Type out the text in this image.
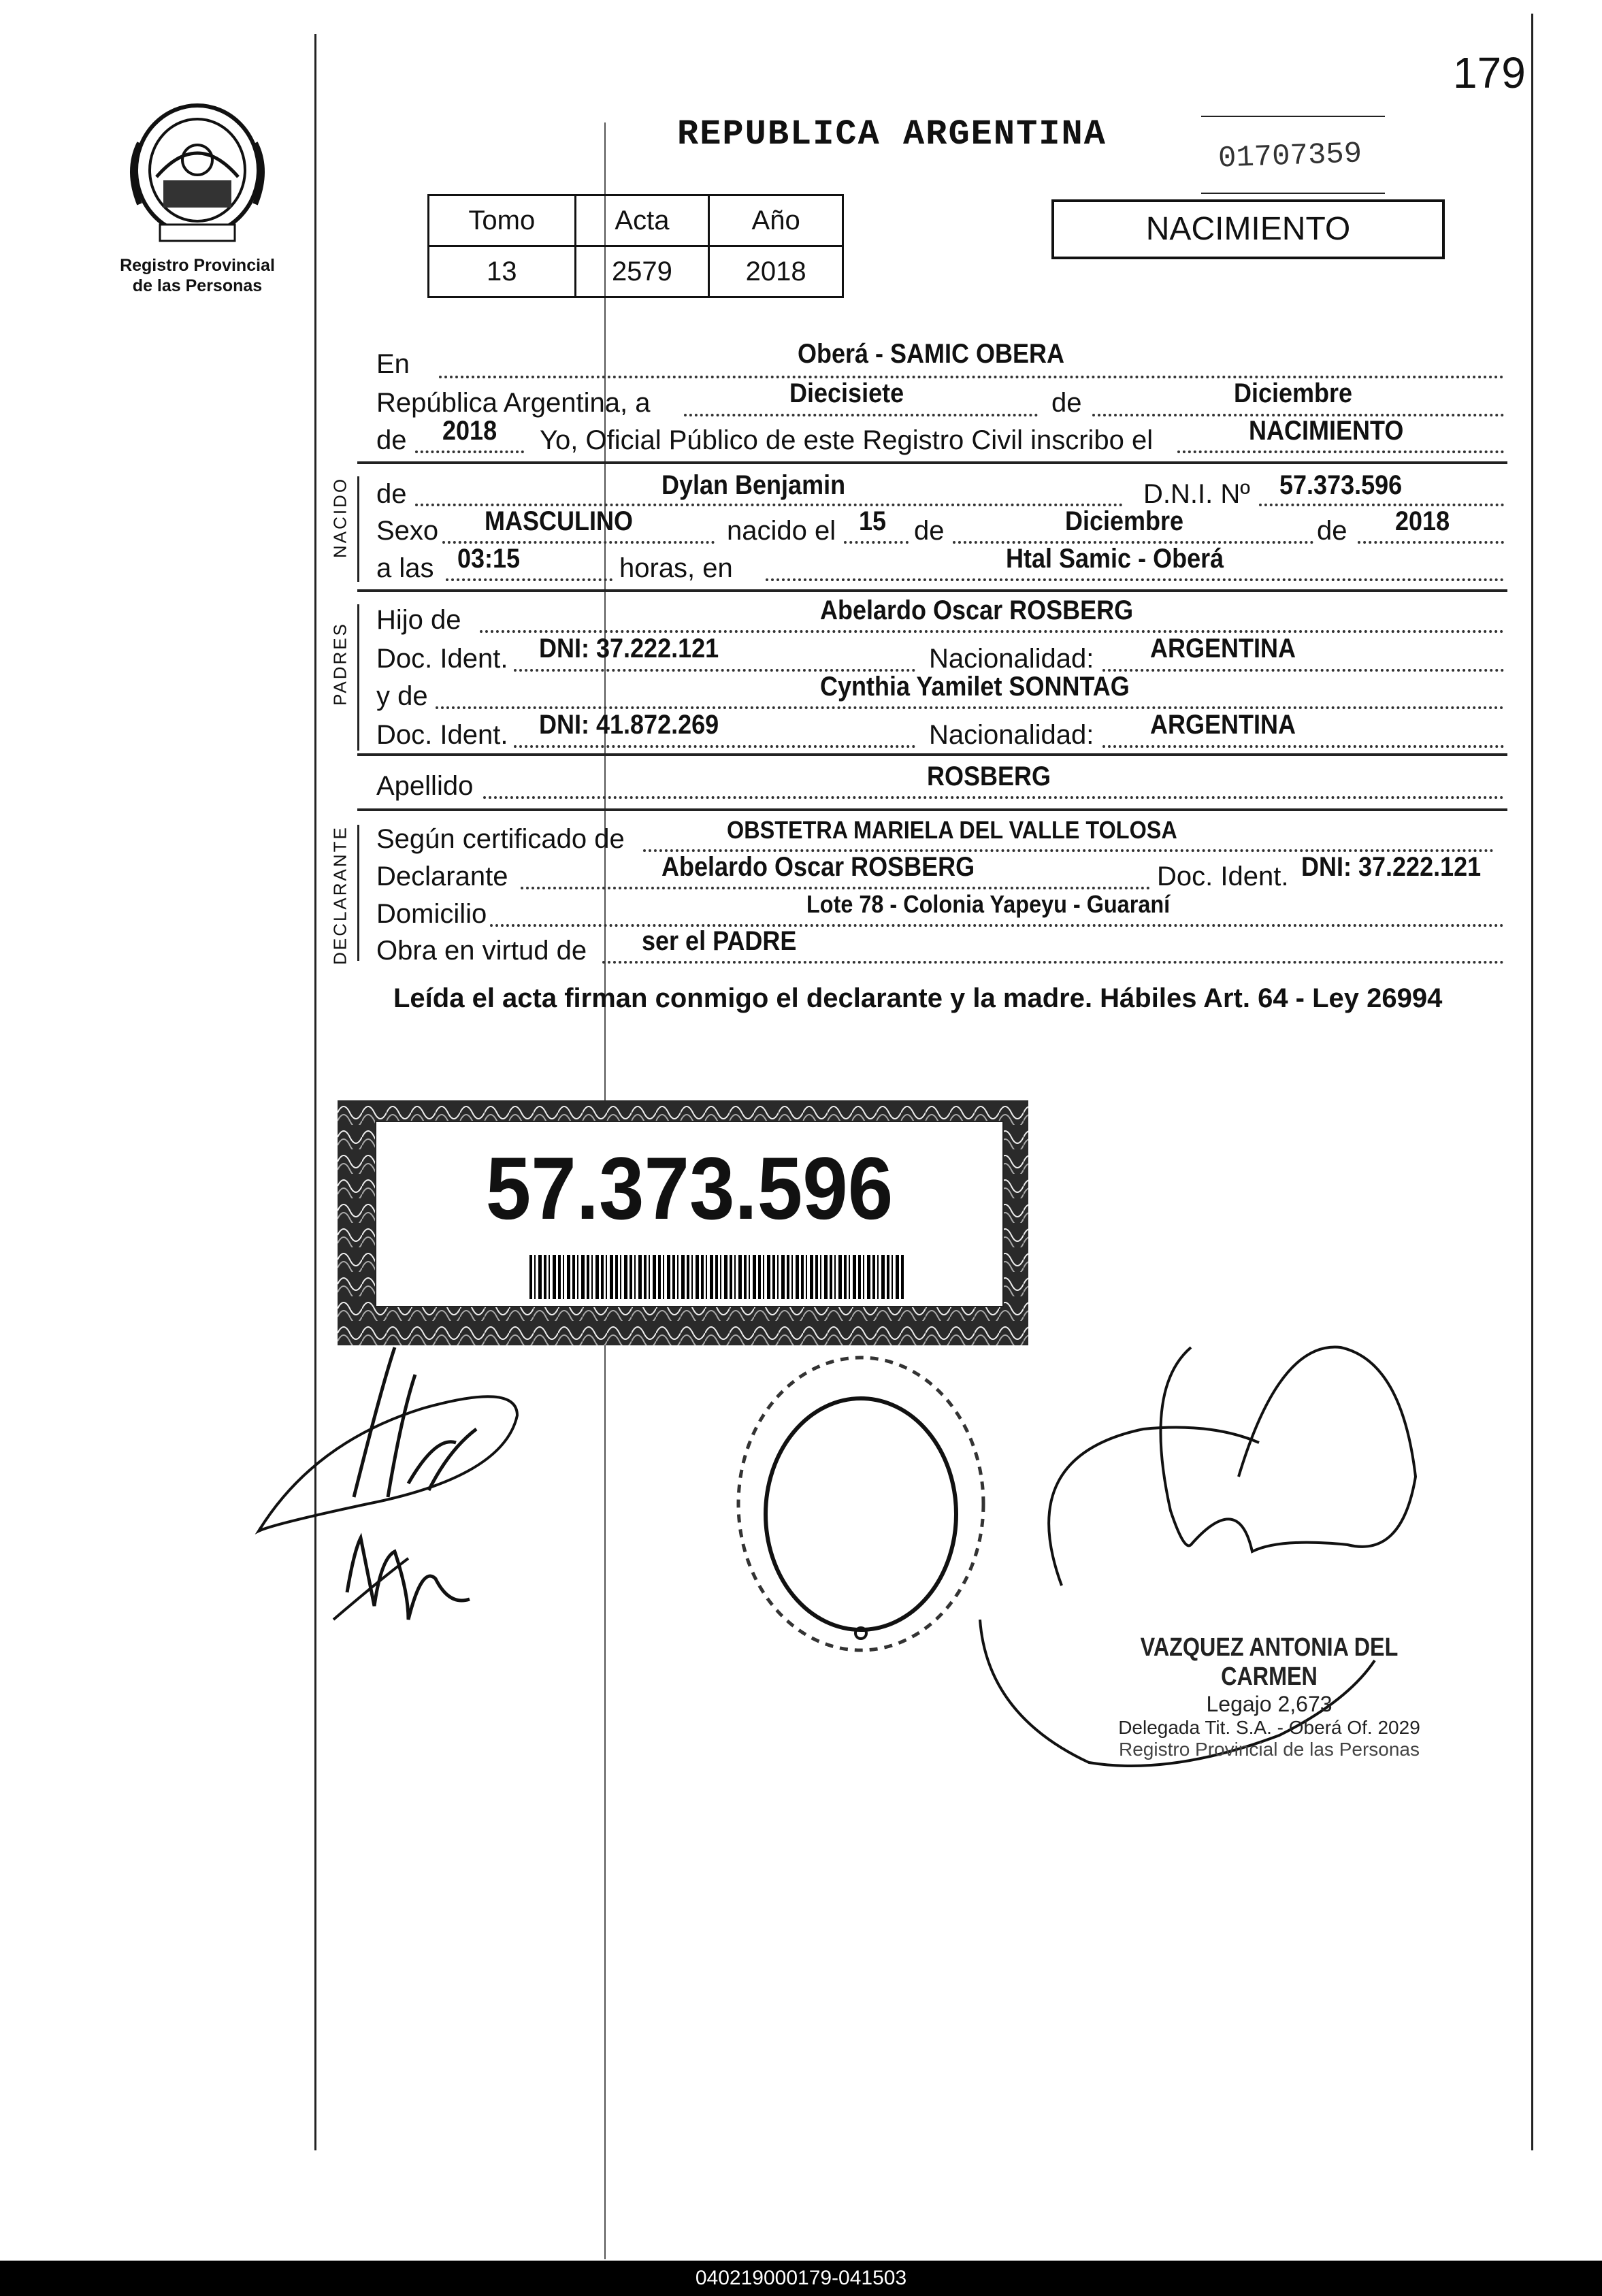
179
Registro Provincial
de las Personas
REPUBLICA ARGENTINA
01707359
NACIMIENTO
Tomo	Acta	Año
13	2579	2018
En	Oberá - SAMIC OBERA
República Argentina, a	Diecisiete	de	Diciembre
de 2018 Yo, Oficial Público de este Registro Civil inscribo el	NACIMIENTO
NACIDO de	Dylan Benjamin	D.N.I. Nº 57.373.596
Sexo MASCULINO	nacido el 15 de	Diciembre	de 2018
a las 03:15	horas, en	Htal Samic - Oberá
PADRES
Hijo de	Abelardo Oscar ROSBERG
Doc. Ident. DNI: 37.222.121	Nacionalidad: ARGENTINA
y de	Cynthia Yamilet SONNTAG
Doc. Ident. DNI: 41.872.269	Nacionalidad: ARGENTINA
Apellido	ROSBERG
DECLARANTE Según certificado de	OBSTETRA MARIELA DEL VALLE TOLOSA
Declarante	Abelardo Oscar ROSBERG	Doc. Ident. DNI: 37.222.121
Domicilio	Lote 78 - Colonia Yapeyu - Guaraní
Obra en virtud de ser el PADRE
Leída el acta firman conmigo el declarante y la madre. Hábiles Art. 64 - Ley 26994
57.373.596
VAZQUEZ ANTONIA DEL CARMEN
Legajo 2,673
Delegada Tit. S.A. - Oberá Of. 2029
Registro Provincial de las Personas
040219000179-041503
